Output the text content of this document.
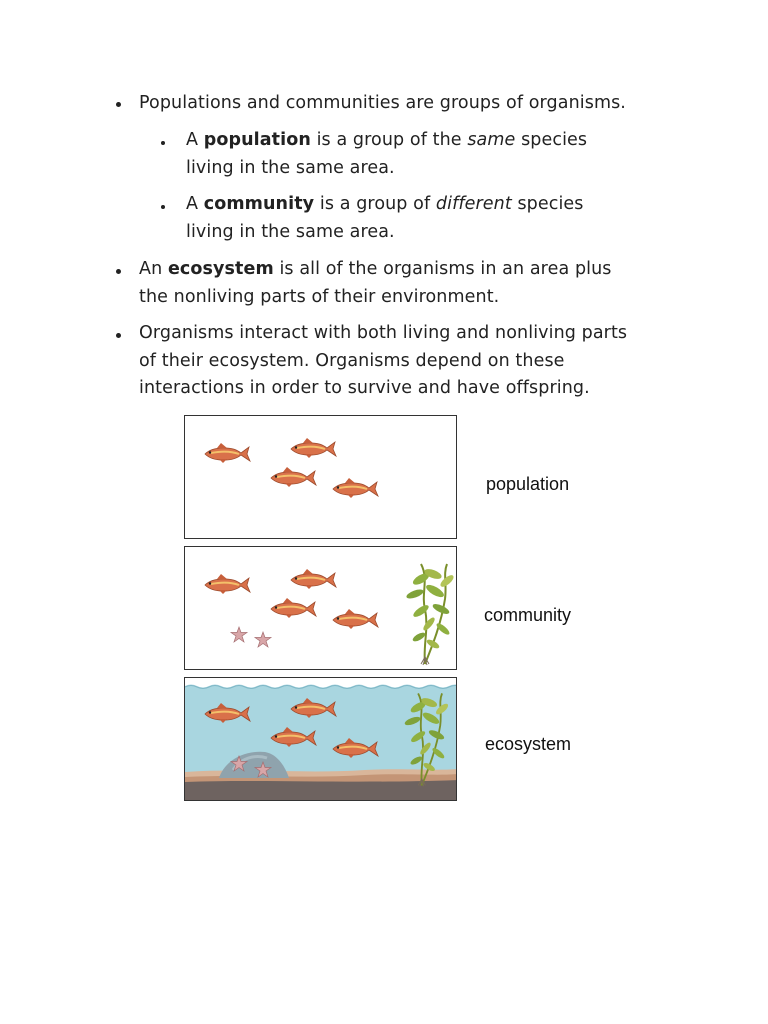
Populations and communities are groups of organisms.
A population is a group of the same species
living in the same area.
A community is a group of different species
living in the same area.
An ecosystem is all of the organisms in an area plus
the nonliving parts of their environment.
Organisms interact with both living and nonliving parts
of their ecosystem. Organisms depend on these
interactions in order to survive and have offspring.
population
community
ecosystem
